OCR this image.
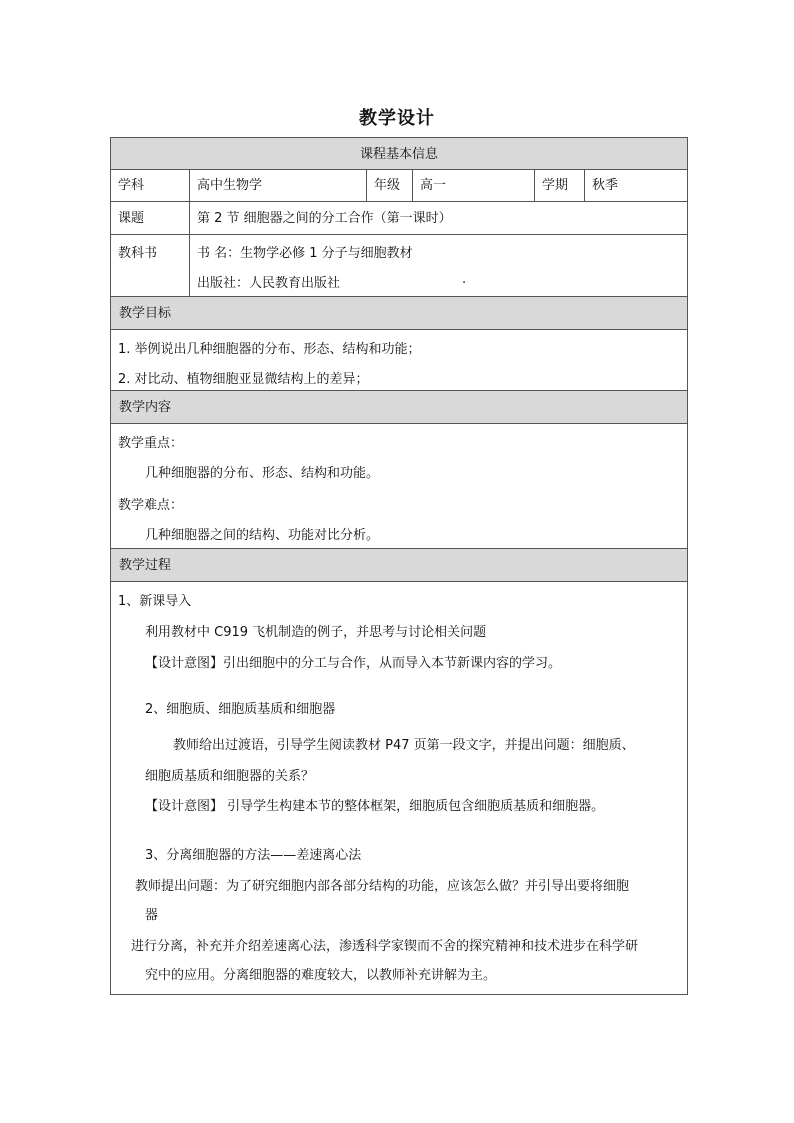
教学设计
课程基本信息
学科	高中生物学	年级	高一	学期	秋季
课题	第 2 节 细胞器之间的分工合作（第一课时）
教科书	书 名：生物学必修 1 分子与细胞教材
出版社：人民教育出版社	.
教学目标
1. 举例说出几种细胞器的分布、形态、结构和功能；
2. 对比动、植物细胞亚显微结构上的差异；
教学内容
教学重点：
几种细胞器的分布、形态、结构和功能。
教学难点：
几种细胞器之间的结构、功能对比分析。
教学过程
1、新课导入
利用教材中 C919 飞机制造的例子，并思考与讨论相关问题
【设计意图】引出细胞中的分工与合作，从而导入本节新课内容的学习。
2、细胞质、细胞质基质和细胞器
教师给出过渡语，引导学生阅读教材 P47 页第一段文字，并提出问题：细胞质、
细胞质基质和细胞器的关系？
【设计意图】 引导学生构建本节的整体框架，细胞质包含细胞质基质和细胞器。
3、分离细胞器的方法——差速离心法
教师提出问题：为了研究细胞内部各部分结构的功能，应该怎么做？并引导出要将细胞
器
进行分离，补充并介绍差速离心法，渗透科学家锲而不舍的探究精神和技术进步在科学研
究中的应用。分离细胞器的难度较大，以教师补充讲解为主。
